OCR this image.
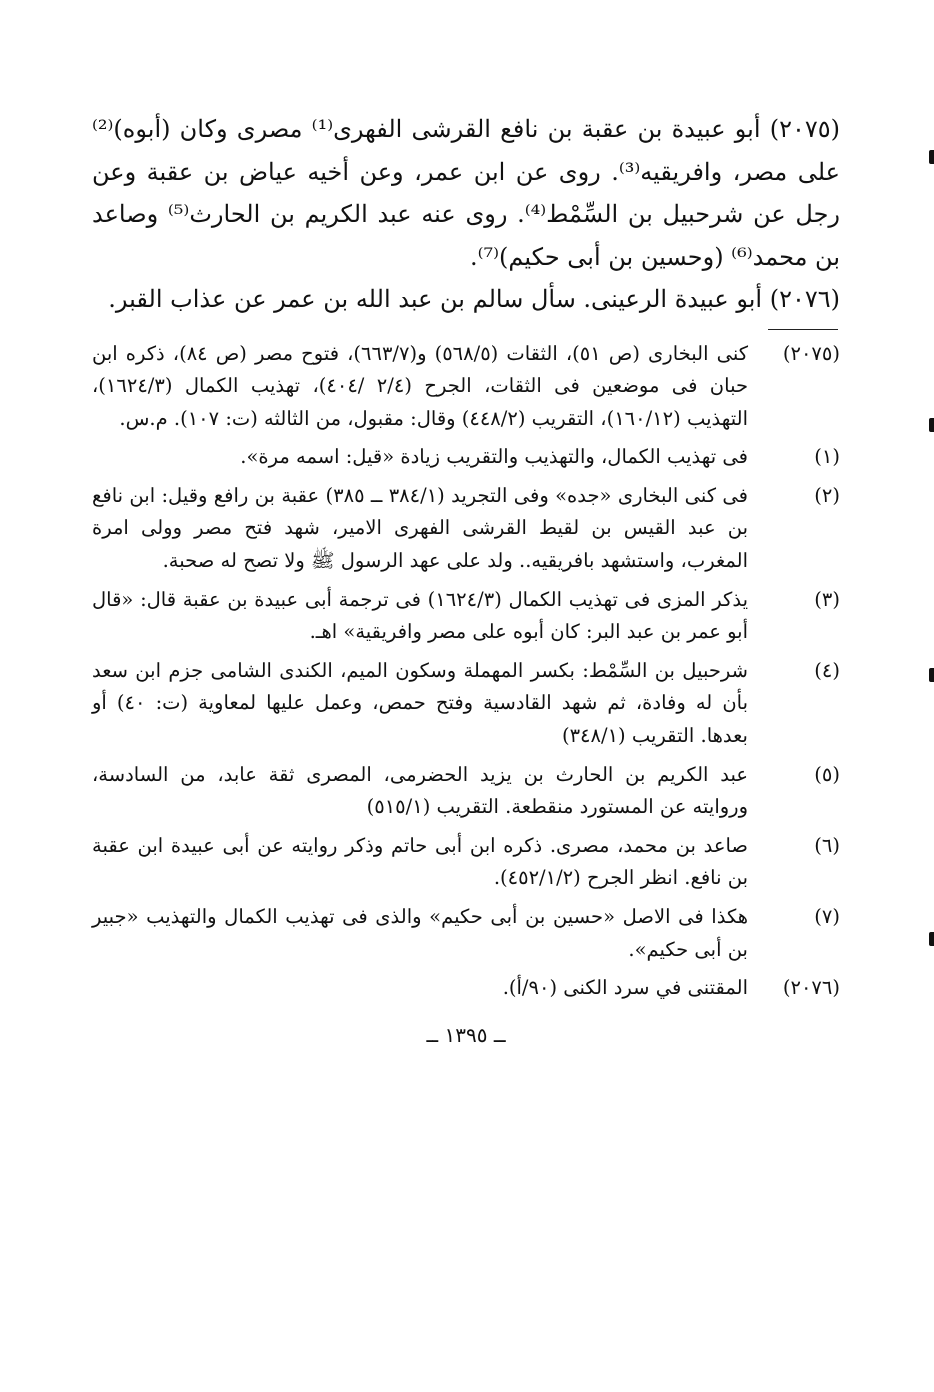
(٢٠٧٥) أبو عبيدة بن عقبة بن نافع القرشى الفهرى⁽¹⁾ مصرى وكان (أبوه)⁽²⁾ على مصر، وافريقيه⁽³⁾. روى عن ابن عمر، وعن أخيه عياض بن عقبة وعن رجل عن شرحبيل بن السِّمْط⁽⁴⁾. روى عنه عبد الكريم بن الحارث⁽⁵⁾ وصاعد بن محمد⁽⁶⁾ (وحسين بن أبى حكيم)⁽⁷⁾.

(٢٠٧٦) أبو عبيدة الرعينى. سأل سالم بن عبد الله بن عمر عن عذاب القبر.

(٢٠٧٥)
كنى البخارى (ص ٥١)، الثقات (٥٦٨/٥) و(٦٦٣/٧)، فتوح مصر (ص ٨٤)، ذكره ابن حبان فى موضعين فى الثقات، الجرح (٢/٤ /٤٠٤)، تهذيب الكمال (١٦٢٤/٣)، التهذيب (١٦٠/١٢)، التقريب (٤٤٨/٢) وقال: مقبول، من الثالثه (ت: ١٠٧). م.س.
(١)
فى تهذيب الكمال، والتهذيب والتقريب زيادة «قيل: اسمه مرة».
(٢)
فى كنى البخارى «جده» وفى التجريد (٣٨٤/١ ــ ٣٨٥) عقبة بن رافع وقيل: ابن نافع بن عبد القيس بن لقيط القرشى الفهرى الامير، شهد فتح مصر وولى امرة المغرب، واستشهد بافريقيه.. ولد على عهد الرسول ﷺ ولا تصح له صحبة.
(٣)
يذكر المزى فى تهذيب الكمال (١٦٢٤/٣) فى ترجمة أبى عبيدة بن عقبة قال: «قال أبو عمر بن عبد البر: كان أبوه على مصر وافريقية» اهـ.
(٤)
شرحبيل بن السِّمْط: بكسر المهملة وسكون الميم، الكندى الشامى جزم ابن سعد بأن له وفادة، ثم شهد القادسية وفتح حمص، وعمل عليها لمعاوية (ت: ٤٠) أو بعدها. التقريب (٣٤٨/١)
(٥)
عبد الكريم بن الحارث بن يزيد الحضرمى، المصرى ثقة عابد، من السادسة، وروايته عن المستورد منقطعة. التقريب (٥١٥/١)
(٦)
صاعد بن محمد، مصرى. ذكره ابن أبى حاتم وذكر روايته عن أبى عبيدة ابن عقبة بن نافع. انظر الجرح (٤٥٢/١/٢).
(٧)
هكذا فى الاصل «حسين بن أبى حكيم» والذى فى تهذيب الكمال والتهذيب «جبير بن أبى حكيم».
(٢٠٧٦)
المقتنى في سرد الكنى (٩٠/أ).
ــ ١٣٩٥ ــ
